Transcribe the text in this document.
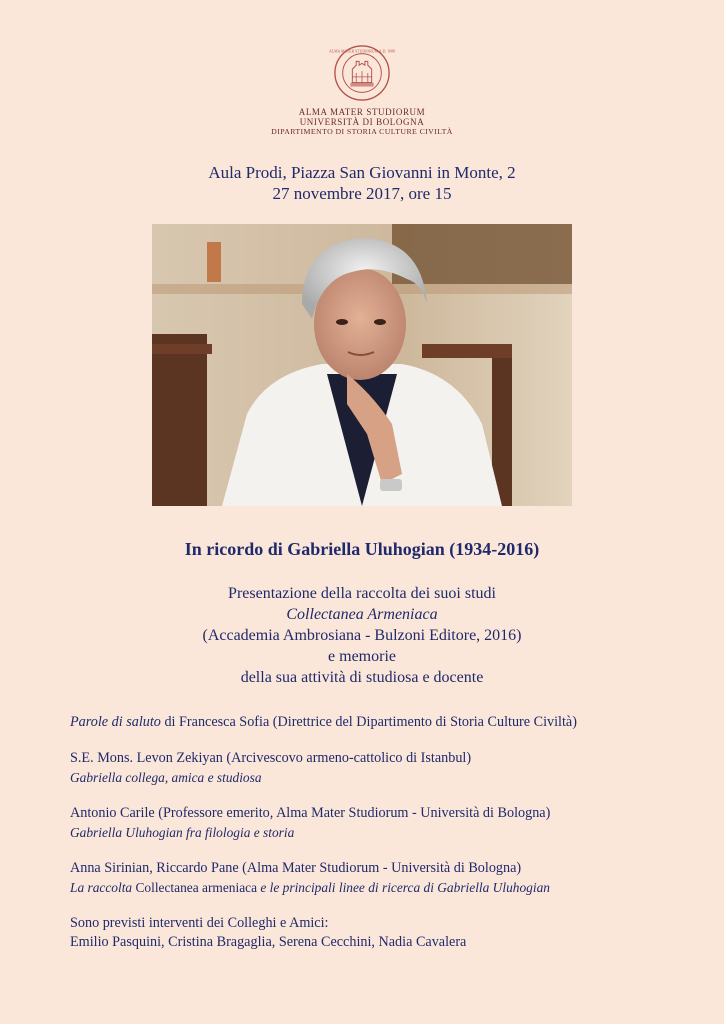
ALMA MATER STUDIORUM A.D. 1088
ALMA MATER STUDIORUM
UNIVERSITÀ DI BOLOGNA
DIPARTIMENTO DI STORIA CULTURE CIVILTÀ
Aula Prodi, Piazza San Giovanni in Monte, 2
27 novembre 2017, ore 15
In ricordo di Gabriella Uluhogian (1934-2016)
Presentazione della raccolta dei suoi studi
Collectanea Armeniaca
(Accademia Ambrosiana - Bulzoni Editore, 2016)
e memorie
della sua attività di studiosa e docente
Parole di saluto di Francesca Sofia (Direttrice del Dipartimento di Storia Culture Civiltà)
S.E. Mons. Levon Zekiyan (Arcivescovo armeno-cattolico di Istanbul)
Gabriella collega, amica e studiosa
Antonio Carile (Professore emerito, Alma Mater Studiorum - Università di Bologna)
Gabriella Uluhogian fra filologia e storia
Anna Sirinian, Riccardo Pane (Alma Mater Studiorum - Università di Bologna)
La raccolta Collectanea armeniaca e le principali linee di ricerca di Gabriella Uluhogian
Sono previsti interventi dei Colleghi e Amici:
Emilio Pasquini, Cristina Bragaglia, Serena Cecchini, Nadia Cavalera
